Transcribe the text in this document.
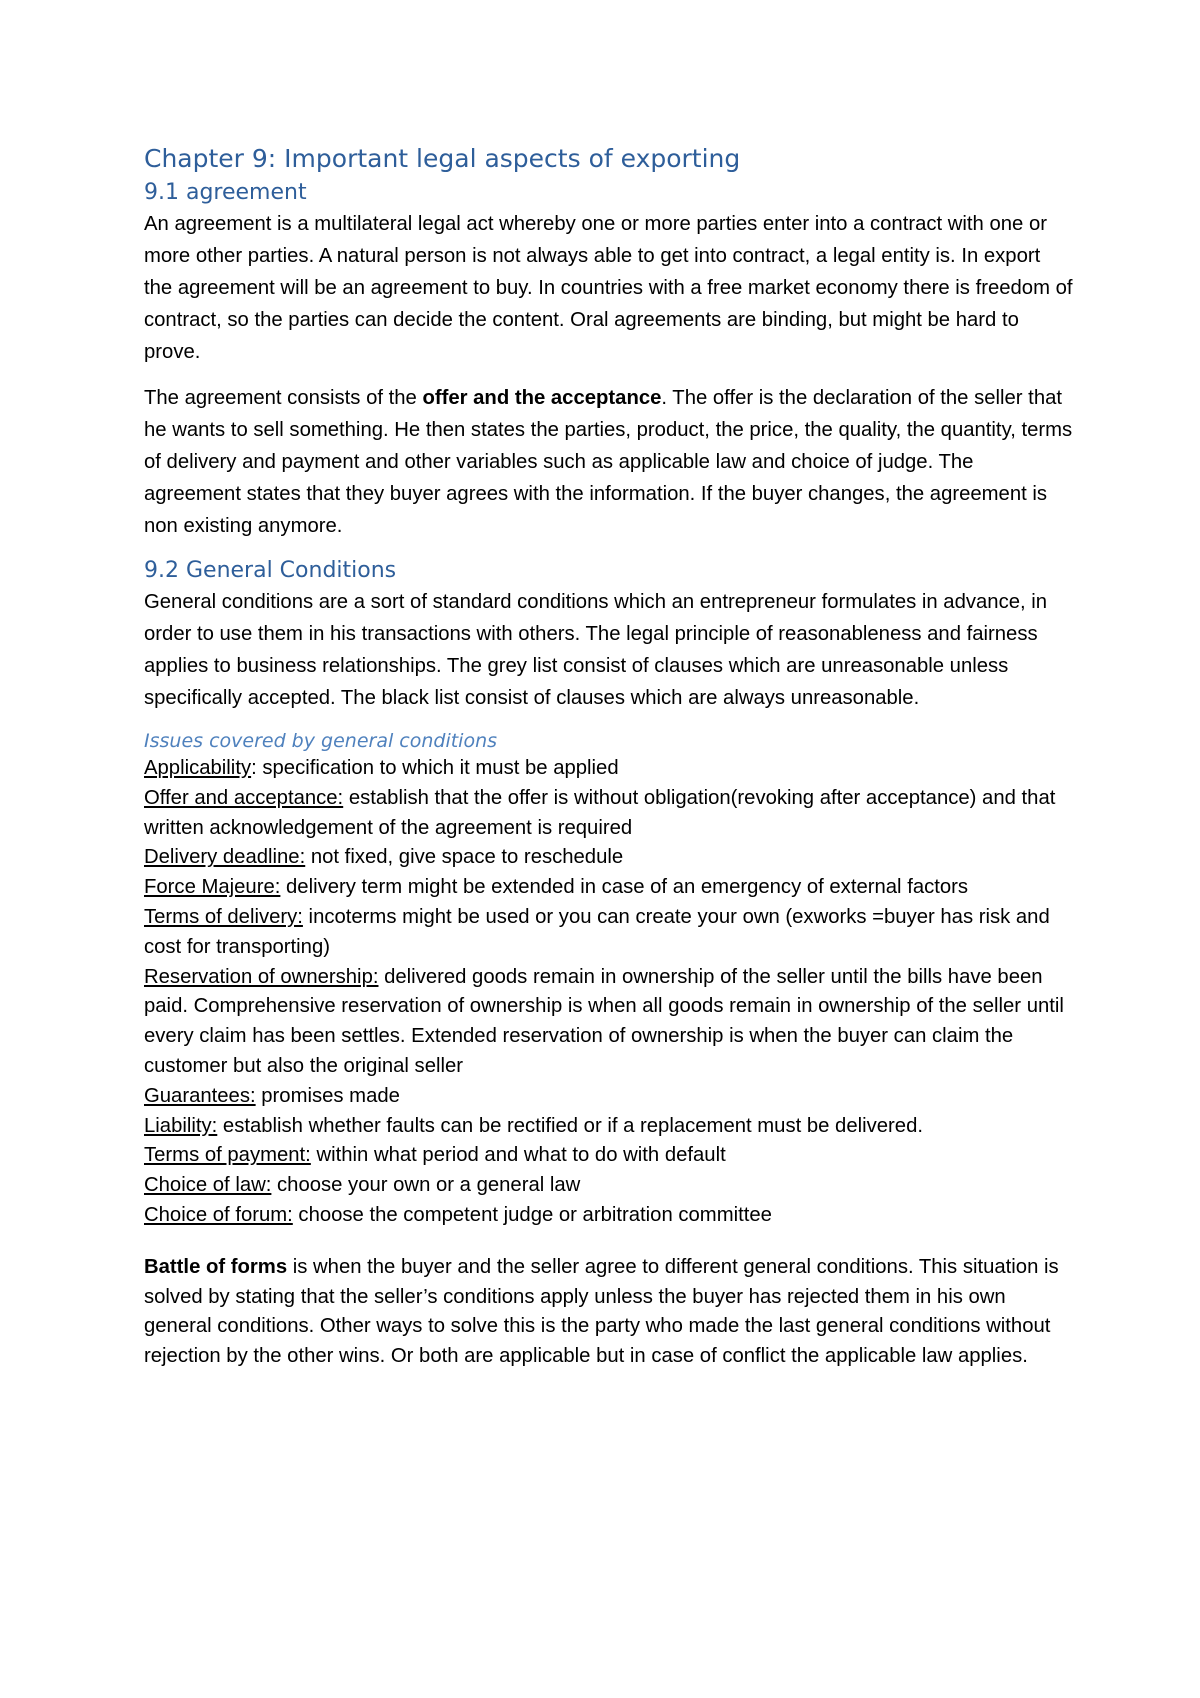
Chapter 9: Important legal aspects of exporting
9.1 agreement

An agreement is a multilateral legal act whereby one or more parties enter into a contract with one or more other parties. A natural person is not always able to get into contract, a legal entity is. In export the agreement will be an agreement to buy. In countries with a free market economy there is freedom of contract, so the parties can decide the content. Oral agreements are binding, but might be hard to prove.

The agreement consists of the offer and the acceptance. The offer is the declaration of the seller that he wants to sell something. He then states the parties, product, the price, the quality, the quantity, terms of delivery and payment and other variables such as applicable law and choice of judge. The agreement states that they buyer agrees with the information. If the buyer changes, the agreement is non existing anymore.

9.2 General Conditions

General conditions are a sort of standard conditions which an entrepreneur formulates in advance, in order to use them in his transactions with others. The legal principle of reasonableness and fairness applies to business relationships. The grey list consist of clauses which are unreasonable unless specifically accepted. The black list consist of clauses which are always unreasonable.

Issues covered by general conditions

Applicability: specification to which it must be applied

Offer and acceptance: establish that the offer is without obligation(revoking after acceptance) and that written acknowledgement of the agreement is required

Delivery deadline: not fixed, give space to reschedule

Force Majeure: delivery term might be extended in case of an emergency of external factors

Terms of delivery: incoterms might be used or you can create your own (exworks =buyer has risk and cost for transporting)

Reservation of ownership: delivered goods remain in ownership of the seller until the bills have been paid. Comprehensive reservation of ownership is when all goods remain in ownership of the seller until every claim has been settles. Extended reservation of ownership is when the buyer can claim the customer but also the original seller

Guarantees: promises made

Liability: establish whether faults can be rectified or if a replacement must be delivered.

Terms of payment: within what period and what to do with default

Choice of law: choose your own or a general law

Choice of forum: choose the competent judge or arbitration committee

Battle of forms is when the buyer and the seller agree to different general conditions. This situation is solved by stating that the seller’s conditions apply unless the buyer has rejected them in his own general conditions. Other ways to solve this is the party who made the last general conditions without rejection by the other wins. Or both are applicable but in case of conflict the applicable law applies.
